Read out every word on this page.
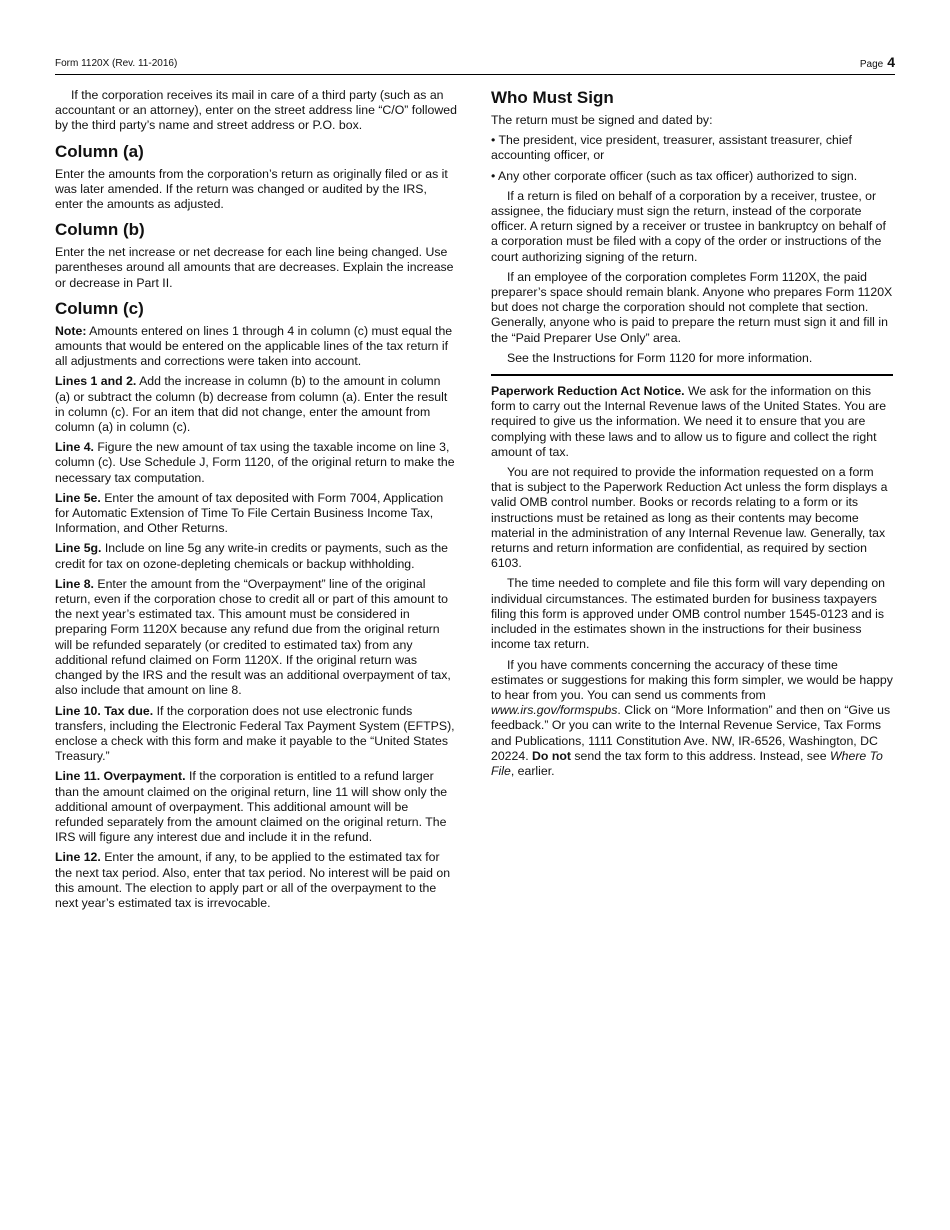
Form 1120X (Rev. 11-2016)	Page 4

If the corporation receives its mail in care of a third party (such as an accountant or an attorney), enter on the street address line “C/O” followed by the third party’s name and street address or P.O. box.

Column (a)

Enter the amounts from the corporation’s return as originally filed or as it was later amended. If the return was changed or audited by the IRS, enter the amounts as adjusted.

Column (b)

Enter the net increase or net decrease for each line being changed. Use parentheses around all amounts that are decreases. Explain the increase or decrease in Part II.

Column (c)

Note: Amounts entered on lines 1 through 4 in column (c) must equal the amounts that would be entered on the applicable lines of the tax return if all adjustments and corrections were taken into account.

Lines 1 and 2. Add the increase in column (b) to the amount in column (a) or subtract the column (b) decrease from column (a). Enter the result in column (c). For an item that did not change, enter the amount from column (a) in column (c).

Line 4. Figure the new amount of tax using the taxable income on line 3, column (c). Use Schedule J, Form 1120, of the original return to make the necessary tax computation.

Line 5e. Enter the amount of tax deposited with Form 7004, Application for Automatic Extension of Time To File Certain Business Income Tax, Information, and Other Returns.

Line 5g. Include on line 5g any write-in credits or payments, such as the credit for tax on ozone-depleting chemicals or backup withholding.

Line 8. Enter the amount from the “Overpayment” line of the original return, even if the corporation chose to credit all or part of this amount to the next year’s estimated tax. This amount must be considered in preparing Form 1120X because any refund due from the original return will be refunded separately (or credited to estimated tax) from any additional refund claimed on Form 1120X. If the original return was changed by the IRS and the result was an additional overpayment of tax, also include that amount on line 8.

Line 10. Tax due. If the corporation does not use electronic funds transfers, including the Electronic Federal Tax Payment System (EFTPS), enclose a check with this form and make it payable to the “United States Treasury.”

Line 11. Overpayment. If the corporation is entitled to a refund larger than the amount claimed on the original return, line 11 will show only the additional amount of overpayment. This additional amount will be refunded separately from the amount claimed on the original return. The IRS will figure any interest due and include it in the refund.

Line 12. Enter the amount, if any, to be applied to the estimated tax for the next tax period. Also, enter that tax period. No interest will be paid on this amount. The election to apply part or all of the overpayment to the next year’s estimated tax is irrevocable.

Who Must Sign

The return must be signed and dated by:

• The president, vice president, treasurer, assistant treasurer, chief accounting officer, or

• Any other corporate officer (such as tax officer) authorized to sign.

If a return is filed on behalf of a corporation by a receiver, trustee, or assignee, the fiduciary must sign the return, instead of the corporate officer. A return signed by a receiver or trustee in bankruptcy on behalf of a corporation must be filed with a copy of the order or instructions of the court authorizing signing of the return.

If an employee of the corporation completes Form 1120X, the paid preparer’s space should remain blank. Anyone who prepares Form 1120X but does not charge the corporation should not complete that section. Generally, anyone who is paid to prepare the return must sign it and fill in the “Paid Preparer Use Only” area.

See the Instructions for Form 1120 for more information.

Paperwork Reduction Act Notice. We ask for the information on this form to carry out the Internal Revenue laws of the United States. You are required to give us the information. We need it to ensure that you are complying with these laws and to allow us to figure and collect the right amount of tax.

You are not required to provide the information requested on a form that is subject to the Paperwork Reduction Act unless the form displays a valid OMB control number. Books or records relating to a form or its instructions must be retained as long as their contents may become material in the administration of any Internal Revenue law. Generally, tax returns and return information are confidential, as required by section 6103.

The time needed to complete and file this form will vary depending on individual circumstances. The estimated burden for business taxpayers filing this form is approved under OMB control number 1545-0123 and is included in the estimates shown in the instructions for their business income tax return.

If you have comments concerning the accuracy of these time estimates or suggestions for making this form simpler, we would be happy to hear from you. You can send us comments from www.irs.gov/formspubs. Click on “More Information” and then on “Give us feedback.” Or you can write to the Internal Revenue Service, Tax Forms and Publications, 1111 Constitution Ave. NW, IR-6526, Washington, DC 20224. Do not send the tax form to this address. Instead, see Where To File, earlier.
